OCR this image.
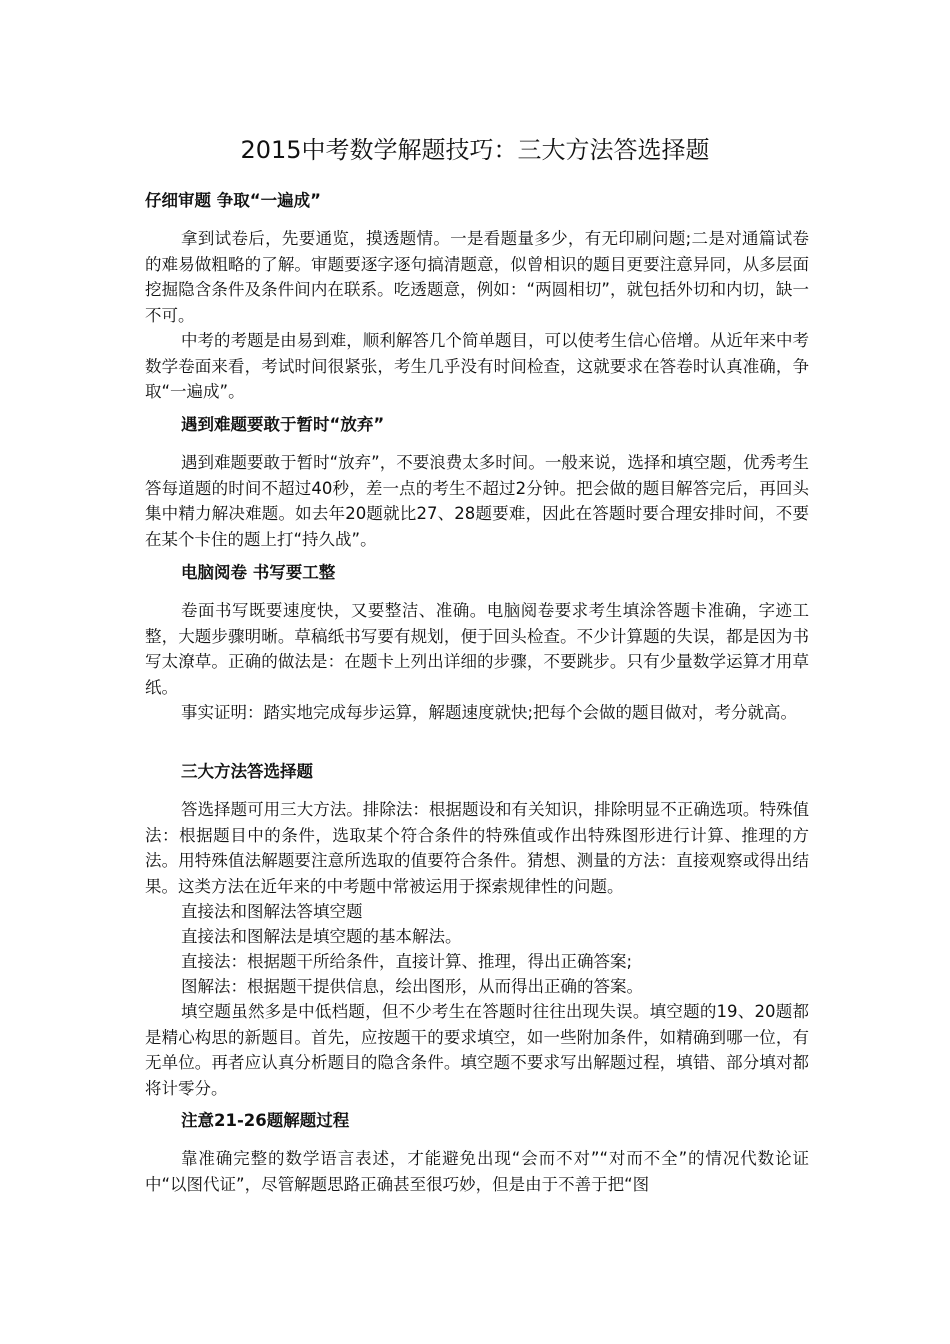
2015中考数学解题技巧：三大方法答选择题
仔细审题 争取“一遍成”

拿到试卷后，先要通览，摸透题情。一是看题量多少，有无印刷问题;二是对通篇试卷的难易做粗略的了解。审题要逐字逐句搞清题意，似曾相识的题目更要注意异同，从多层面挖掘隐含条件及条件间内在联系。吃透题意，例如：“两圆相切”，就包括外切和内切，缺一不可。

中考的考题是由易到难，顺利解答几个简单题目，可以使考生信心倍增。从近年来中考数学卷面来看，考试时间很紧张，考生几乎没有时间检查，这就要求在答卷时认真准确，争取“一遍成”。

遇到难题要敢于暂时“放弃”

遇到难题要敢于暂时“放弃”，不要浪费太多时间。一般来说，选择和填空题，优秀考生答每道题的时间不超过40秒，差一点的考生不超过2分钟。把会做的题目解答完后，再回头集中精力解决难题。如去年20题就比27、28题要难，因此在答题时要合理安排时间，不要在某个卡住的题上打“持久战”。

电脑阅卷 书写要工整

卷面书写既要速度快，又要整洁、准确。电脑阅卷要求考生填涂答题卡准确，字迹工整，大题步骤明晰。草稿纸书写要有规划，便于回头检查。不少计算题的失误，都是因为书写太潦草。正确的做法是：在题卡上列出详细的步骤，不要跳步。只有少量数学运算才用草纸。

事实证明：踏实地完成每步运算，解题速度就快;把每个会做的题目做对，考分就高。

三大方法答选择题

答选择题可用三大方法。排除法：根据题设和有关知识，排除明显不正确选项。特殊值法：根据题目中的条件，选取某个符合条件的特殊值或作出特殊图形进行计算、推理的方法。用特殊值法解题要注意所选取的值要符合条件。猜想、测量的方法：直接观察或得出结果。这类方法在近年来的中考题中常被运用于探索规律性的问题。

直接法和图解法答填空题

直接法和图解法是填空题的基本解法。

直接法：根据题干所给条件，直接计算、推理，得出正确答案;

图解法：根据题干提供信息，绘出图形，从而得出正确的答案。

填空题虽然多是中低档题，但不少考生在答题时往往出现失误。填空题的19、20题都是精心构思的新题目。首先，应按题干的要求填空，如一些附加条件，如精确到哪一位，有无单位。再者应认真分析题目的隐含条件。填空题不要求写出解题过程，填错、部分填对都将计零分。

注意21-26题解题过程

靠准确完整的数学语言表述，才能避免出现“会而不对”“对而不全”的情况代数论证中“以图代证”，尽管解题思路正确甚至很巧妙，但是由于不善于把“图
